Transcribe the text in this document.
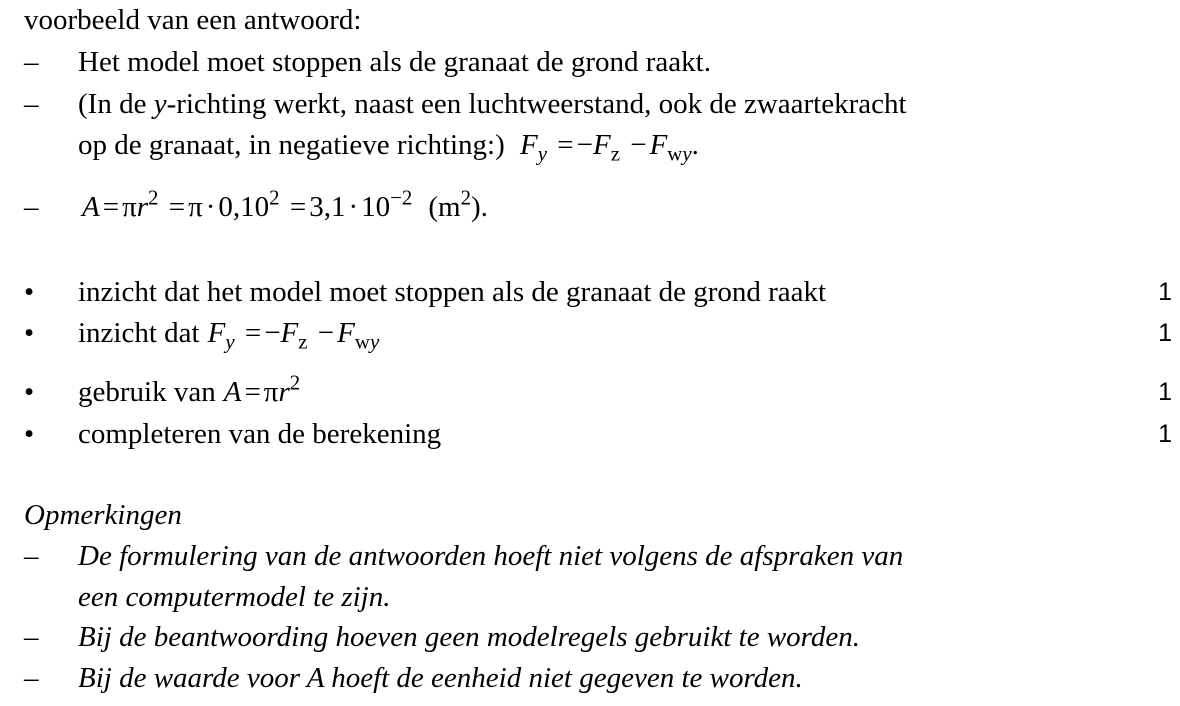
voorbeeld van een antwoord:
– Het model moet stoppen als de granaat de grond raakt.
– (In de y-richting werkt, naast een luchtweerstand, ook de zwaartekracht
op de granaat, in negatieve richting:) $F_y = -F_z - F_{wy}$.
– $A = \pi r^2 = \pi \cdot 0,10^2 = 3,1 \cdot 10^{-2}$ $(m^2)$.
• inzicht dat het model moet stoppen als de granaat de grond raakt	1
• inzicht dat $F_y = -F_z - F_{wy}$	1
• gebruik van $A = \pi r^2$	1
• completeren van de berekening	1
Opmerkingen
– De formulering van de antwoorden hoeft niet volgens de afspraken van
een computermodel te zijn.
– Bij de beantwoording hoeven geen modelregels gebruikt te worden.
– Bij de waarde voor A hoeft de eenheid niet gegeven te worden.
